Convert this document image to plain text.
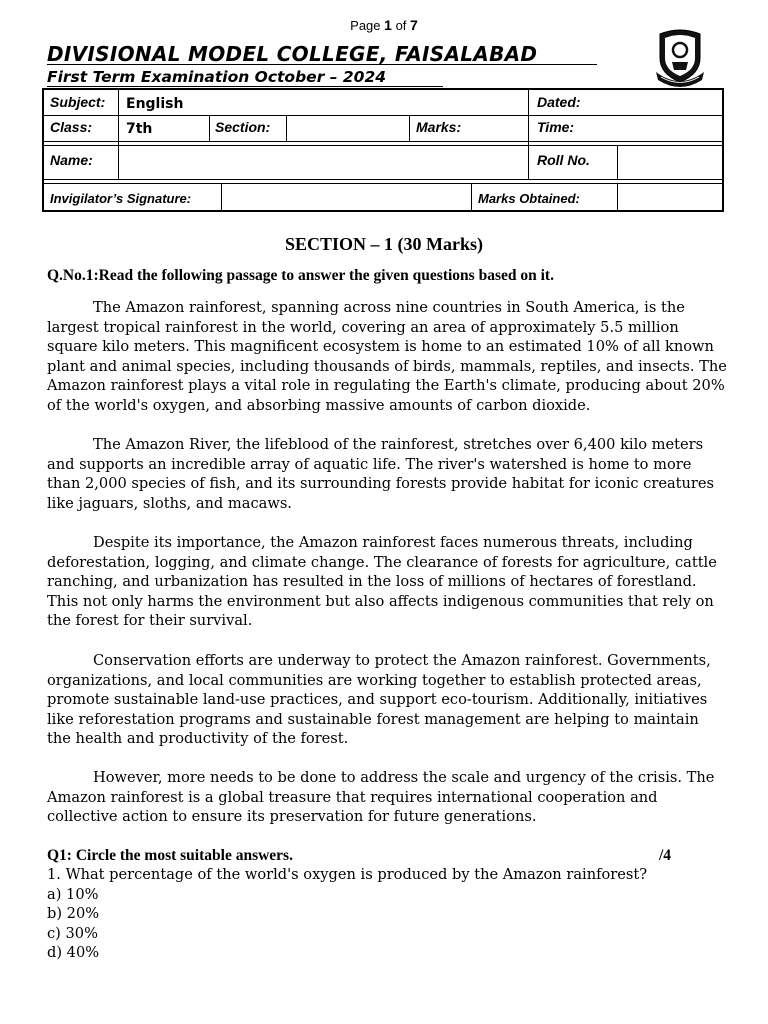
Page 1 of 7
DIVISIONAL MODEL COLLEGE, FAISALABAD
First Term Examination October – 2024
Subject: English	Dated:
Class: 7th	Section:	Marks:	Time:
Name:	Roll No.
Invigilator’s Signature:	Marks Obtained:
SECTION – 1 (30 Marks)
Q.No.1:Read the following passage to answer the given questions based on it.

The Amazon rainforest, spanning across nine countries in South America, is the largest tropical rainforest in the world, covering an area of approximately 5.5 million square kilo meters. This magnificent ecosystem is home to an estimated 10% of all known plant and animal species, including thousands of birds, mammals, reptiles, and insects. The Amazon rainforest plays a vital role in regulating the Earth's climate, producing about 20% of the world's oxygen, and absorbing massive amounts of carbon dioxide.

The Amazon River, the lifeblood of the rainforest, stretches over 6,400 kilo meters and supports an incredible array of aquatic life. The river's watershed is home to more than 2,000 species of fish, and its surrounding forests provide habitat for iconic creatures like jaguars, sloths, and macaws.

Despite its importance, the Amazon rainforest faces numerous threats, including deforestation, logging, and climate change. The clearance of forests for agriculture, cattle ranching, and urbanization has resulted in the loss of millions of hectares of forestland. This not only harms the environment but also affects indigenous communities that rely on the forest for their survival.

Conservation efforts are underway to protect the Amazon rainforest. Governments, organizations, and local communities are working together to establish protected areas, promote sustainable land-use practices, and support eco-tourism. Additionally, initiatives like reforestation programs and sustainable forest management are helping to maintain the health and productivity of the forest.

However, more needs to be done to address the scale and urgency of the crisis. The Amazon rainforest is a global treasure that requires international cooperation and collective action to ensure its preservation for future generations.

Q1: Circle the most suitable answers.	/4
1. What percentage of the world's oxygen is produced by the Amazon rainforest?
a) 10%
b) 20%
c) 30%
d) 40%
